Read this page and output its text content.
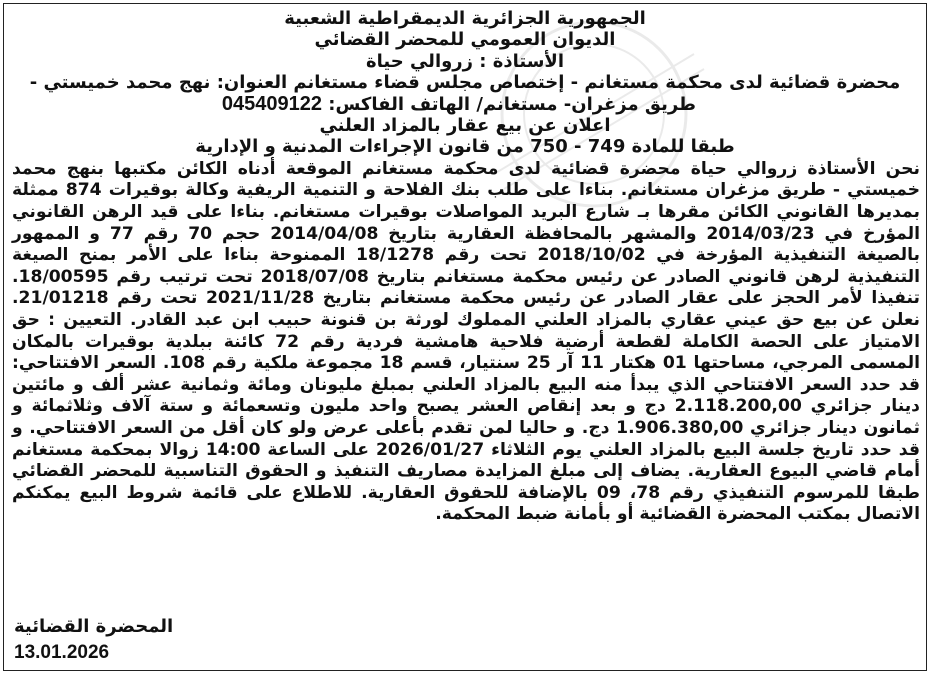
الجمهورية الجزائرية الديمقراطية الشعبية
الديوان العمومي للمحضر القضائي
الأستاذة : زروالي حياة
محضرة قضائية لدى محكمة مستغانم - إختصاص مجلس قضاء مستغانم العنوان: نهج محمد خميستي -
طريق مزغران- مستغانم/ الهاتف الفاكس: 045409122
اعلان عن بيع عقار بالمزاد العلني
طبقا للمادة 749 - 750 من قانون الإجراءات المدنية و الإدارية
نحن الأستاذة زروالي حياة محضرة قضائية لدى محكمة مستغانم الموقعة أدناه الكائن مكتبها بنهج محمد خميستي - طريق مزغران مستغانم. بناءا على طلب بنك الفلاحة و التنمية الريفية وكالة بوقيرات 874 ممثلة بمديرها القانوني الكائن مقرها بـ شارع البريد المواصلات بوقيرات مستغانم. بناءا على قيد الرهن القانوني المؤرخ في 2014/03/23 والمشهر بالمحافظة العقارية بتاريخ 2014/04/08 حجم 70 رقم 77 و الممهور بالصيغة التنفيذية المؤرخة في 2018/10/02 تحت رقم 18/1278 الممنوحة بناءا على الأمر بمنح الصيغة التنفيذية لرهن قانوني الصادر عن رئيس محكمة مستغانم بتاريخ 2018/07/08 تحت ترتيب رقم 18/00595. تنفيذا لأمر الحجز على عقار الصادر عن رئيس محكمة مستغانم بتاريخ 2021/11/28 تحت رقم 21/01218. نعلن عن بيع حق عيني عقاري بالمزاد العلني المملوك لورثة بن قنونة حبيب ابن عبد القادر. التعيين : حق الامتياز على الحصة الكاملة لقطعة أرضية فلاحية هامشية فردية رقم 72 كائنة ببلدية بوقيرات بالمكان المسمى المرجي، مساحتها 01 هكتار 11 آر 25 سنتيار، قسم 18 مجموعة ملكية رقم 108. السعر الافتتاحي: قد حدد السعر الافتتاحي الذي يبدأ منه البيع بالمزاد العلني بمبلغ مليونان ومائة وثمانية عشر ألف و مائتين دينار جزائري 2.118.200,00 دج و بعد إنقاص العشر يصبح واحد مليون وتسعمائة و ستة آلاف وثلاثمائة و ثمانون دينار جزائري 1.906.380,00 دج. و حاليا لمن تقدم بأعلى عرض ولو كان أقل من السعر الافتتاحي. و قد حدد تاريخ جلسة البيع بالمزاد العلني يوم الثلاثاء 2026/01/27 على الساعة 14:00 زوالا بمحكمة مستغانم أمام قاضي البيوع العقارية. يضاف إلى مبلغ المزايدة مصاريف التنفيذ و الحقوق التناسبية للمحضر القضائي طبقا للمرسوم التنفيذي رقم 78، 09 بالإضافة للحقوق العقارية. للاطلاع على قائمة شروط البيع يمكنكم الاتصال بمكتب المحضرة القضائية أو بأمانة ضبط المحكمة.
المحضرة القضائية
13.01.2026
